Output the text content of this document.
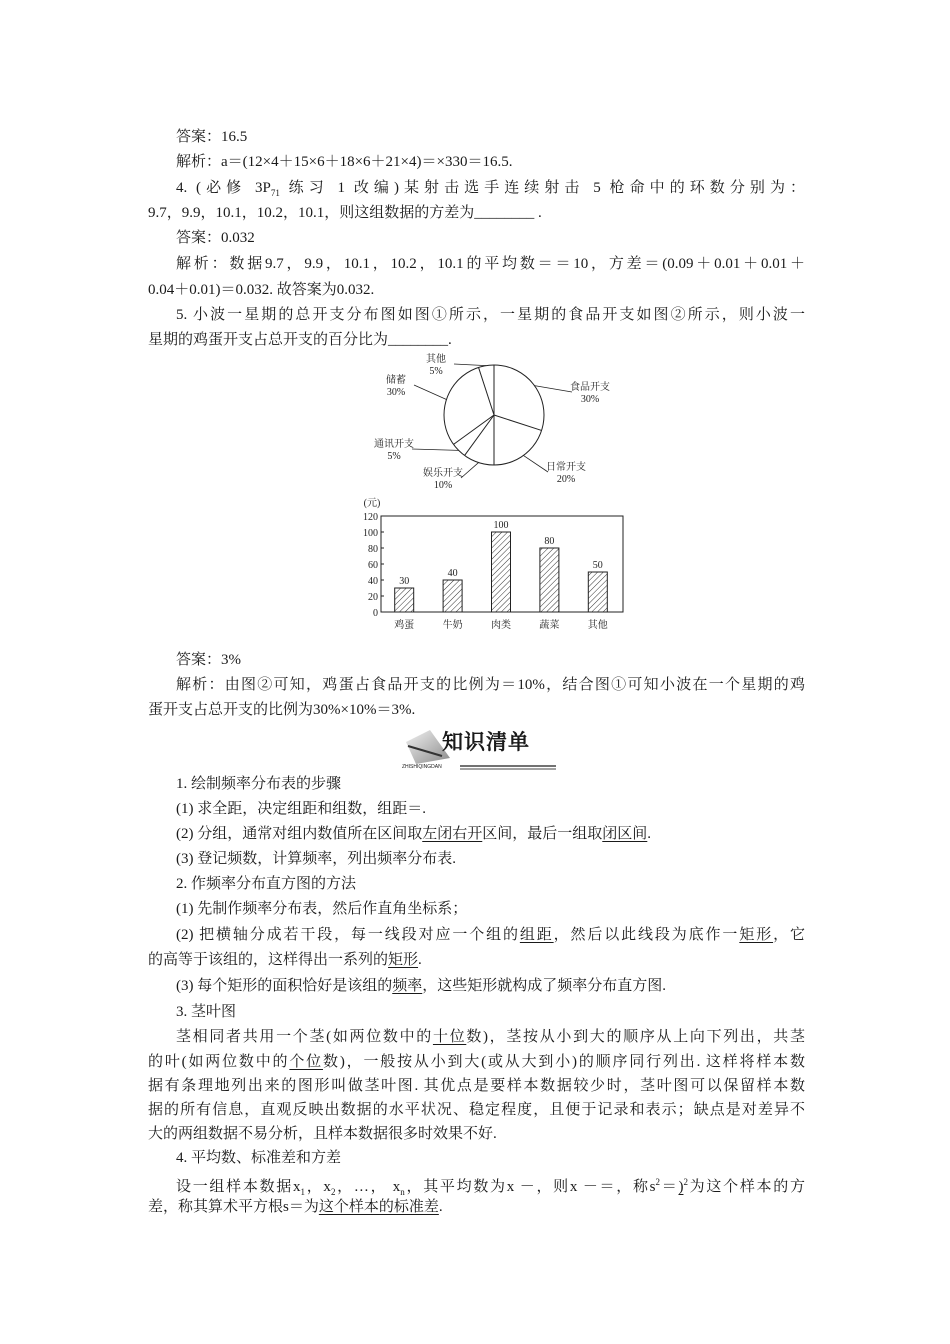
答案：16.5
解析：a＝(12×4＋15×6＋18×6＋21×4)＝×330＝16.5.
4. (必修 $3P_{71}$ 练习 1 改编)某射击选手连续射击 5 枪命中的环数分别为：
9.7，9.9，10.1，10.2，10.1，则这组数据的方差为________ .
答案：0.032
解析：数据9.7，9.9，10.1，10.2，10.1的平均数＝＝10，方差＝(0.09＋0.01＋0.01＋
0.04＋0.01)＝0.032. 故答案为0.032.
5. 小波一星期的总开支分布图如图①所示，一星期的食品开支如图②所示，则小波一
星期的鸡蛋开支占总开支的百分比为________.
答案：3%
解析：由图②可知，鸡蛋占食品开支的比例为＝10%，结合图①可知小波在一个星期的鸡
蛋开支占总开支的比例为30%×10%＝3%.
1. 绘制频率分布表的步骤
(1) 求全距，决定组距和组数，组距＝.
(2) 分组，通常对组内数值所在区间取左闭右开区间，最后一组取闭区间.
(3) 登记频数，计算频率，列出频率分布表.
2. 作频率分布直方图的方法
(1) 先制作频率分布表，然后作直角坐标系；
(2) 把横轴分成若干段，每一线段对应一个组的组距，然后以此线段为底作一矩形，它
的高等于该组的，这样得出一系列的矩形.
(3) 每个矩形的面积恰好是该组的频率，这些矩形就构成了频率分布直方图.
3. 茎叶图
茎相同者共用一个茎(如两位数中的十位数)，茎按从小到大的顺序从上向下列出，共茎
的叶(如两位数中的个位数)，一般按从小到大(或从大到小)的顺序同行列出. 这样将样本数
据有条理地列出来的图形叫做茎叶图. 其优点是要样本数据较少时，茎叶图可以保留样本数
据的所有信息，直观反映出数据的水平状况、稳定程度，且便于记录和表示；缺点是对差异不
大的两组数据不易分析，且样本数据很多时效果不好.
4. 平均数、标准差和方差
设一组样本数据$x_1$，$x_2$，…， $x_n$，其平均数为x －，则x －＝，称$s^2=)^2$为这个样本的方
差，称其算术平方根s＝为这个样本的标准差.
食品开支
30%
日常开支
20%
娱乐开支
10%
通讯开支
5%
储蓄
30%
其他
5%
(元)
0
20
40
60
80
100
120
30
鸡蛋
40
牛奶
100
肉类
80
蔬菜
50
其他
知识清单
ZHISHIQINGDAN
